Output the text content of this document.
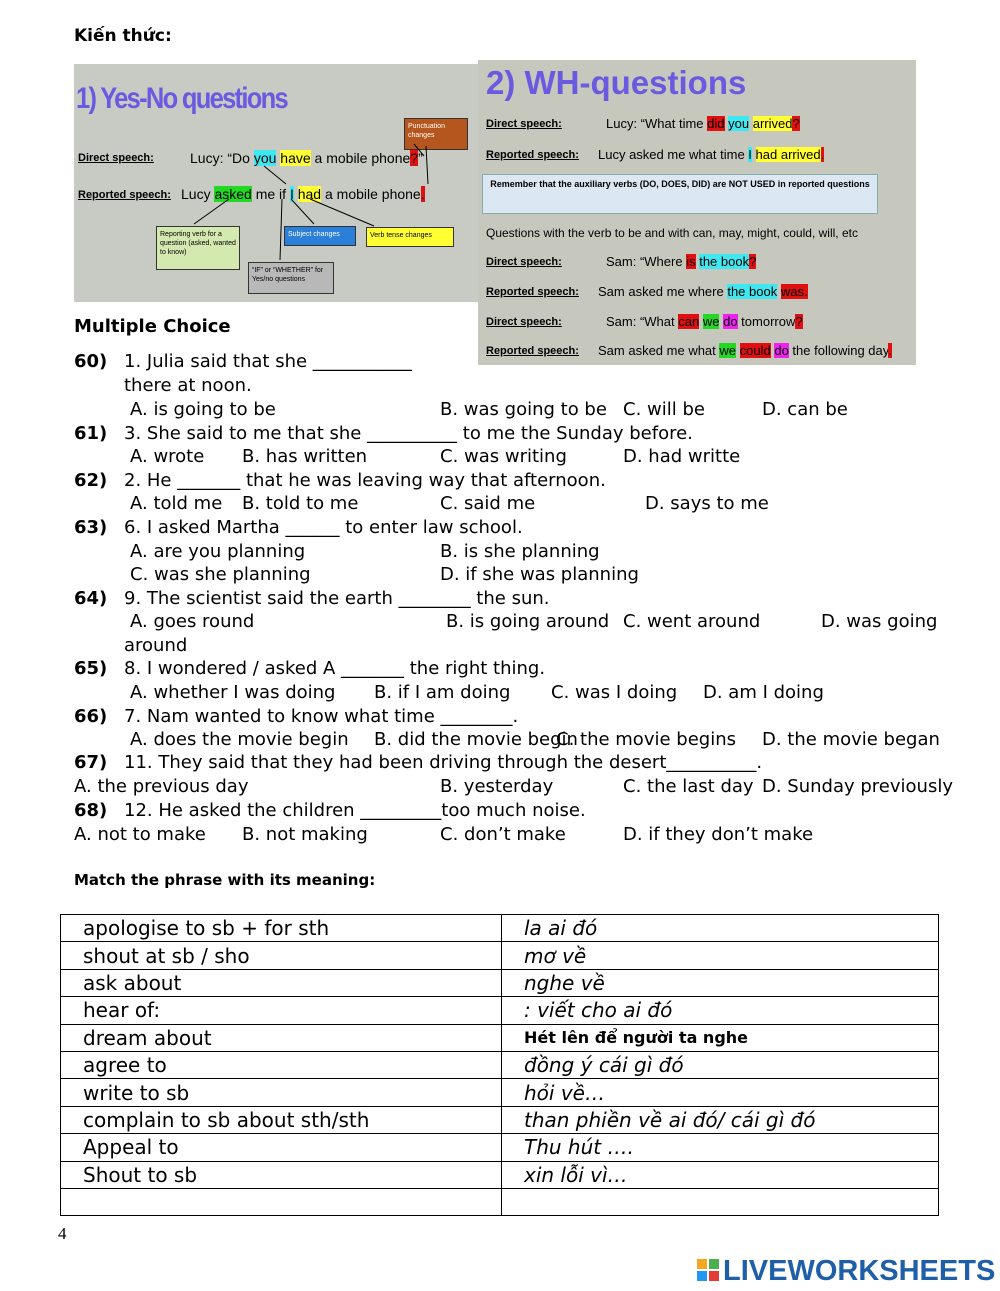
Kiến thức:
1) Yes-No questions
Direct speech:	Lucy: “Do you have a mobile phone?”
Reported speech: Lucy asked me if I had a mobile phone.
Punctuation changes
Reporting verb for a question (asked, wanted to know)
Subject changes	Verb tense changes
“IF” or “WHETHER” for Yes/no questions
2) WH-questions
Direct speech:	Lucy: “What time did you arrived?
Reported speech: Lucy asked me what time I had arrived.
Remember that the auxiliary verbs (DO, DOES, DID) are NOT USED in reported questions
Questions with the verb to be and with can, may, might, could, will, etc
Direct speech:	Sam: “Where is the book?
Reported speech: Sam asked me where the book was.
Direct speech:	Sam: “What can we do tomorrow?
Reported speech: Sam asked me what we could do the following day.
Multiple Choice
60) 1. Julia said that she ___________
there at noon.
A. is going to be	B. was going to be C. will be	D. can be
61) 3. She said to me that she __________ to me the Sunday before.
A. wrote B. has written	C. was writing	D. had writte
62) 2. He _______ that he was leaving way that afternoon.
A. told me B. told to me	C. said me	D. says to me
63) 6. I asked Martha ______ to enter law school.
A. are you planning	B. is she planning
C. was she planning	D. if she was planning
64) 9. The scientist said the earth ________ the sun.
A. goes round	B. is going around C. went around	D. was going
around
65) 8. I wondered / asked A _______ the right thing.
A. whether I was doing B. if I am doing C. was I doing D. am I doing
66) 7. Nam wanted to know what time ________.
A. does the movie begin B. did the movie begin
C. the movie begins D. the movie began
67) 11. They said that they had been driving through the desert__________.
A. the previous day	B. yesterday	C. the last day D. Sunday previously
68) 12. He asked the children _________too much noise.
A. not to make B. not making	C. don’t make	D. if they don’t make
Match the phrase with its meaning:
apologise to sb + for sth	la ai đó
shout at sb / sho	mơ về
ask about	nghe về
hear of:	: viết cho ai đó
dream about	Hét lên để người ta nghe
agree to	đồng ý cái gì đó
write to sb	hỏi về…
complain to sb about sth/sth	than phiền về ai đó/ cái gì đó
Appeal to	Thu hút ….
Shout to sb	xin lỗi vì…

4
LIVEWORKSHEETS
